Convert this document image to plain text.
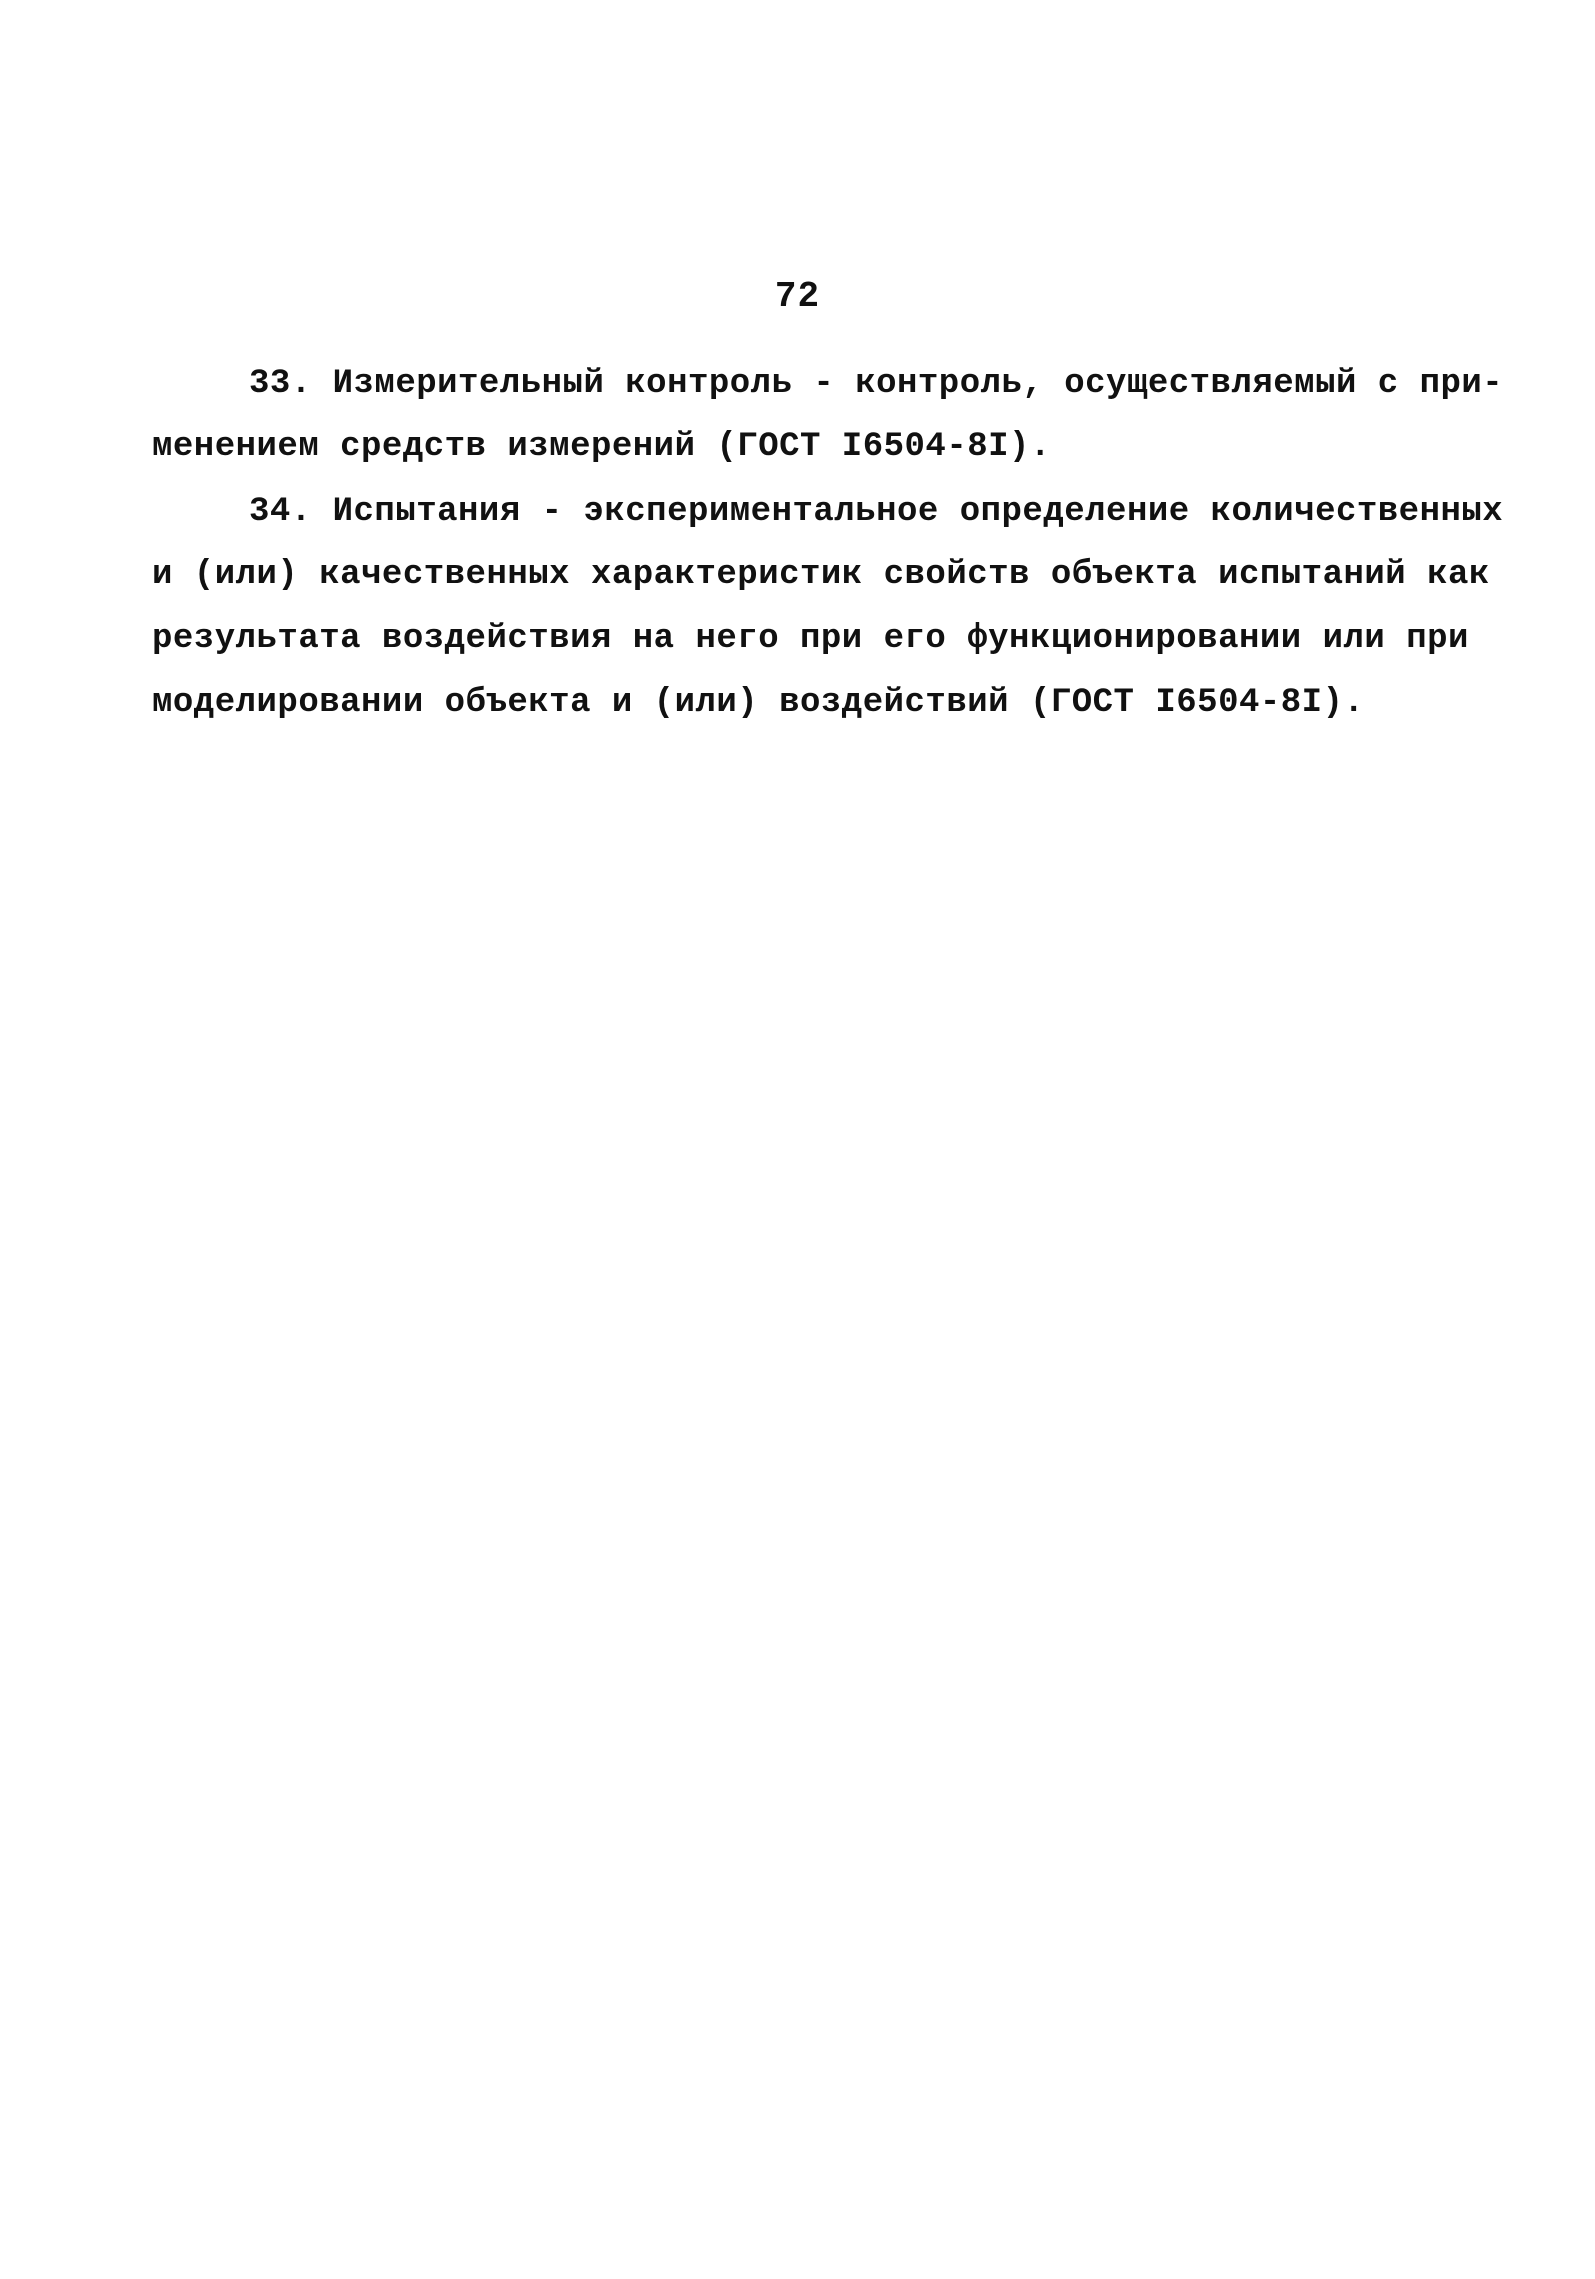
72
33. Измерительный контроль - контроль, осуществляемый с при-
менением средств измерений (ГОСТ I6504-8I).
34. Испытания - экспериментальное определение количественных
и (или) качественных характеристик свойств объекта испытаний как
результата воздействия на него при его функционировании или при
моделировании объекта и (или) воздействий (ГОСТ I6504-8I).
